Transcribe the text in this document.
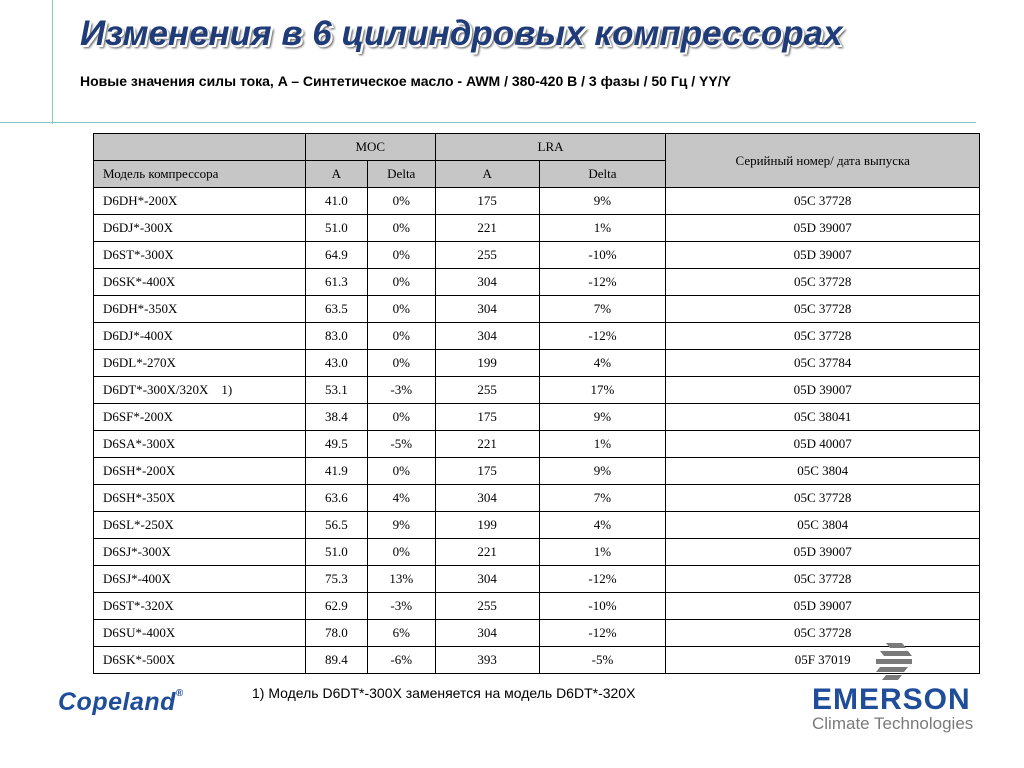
Изменения в 6 цилиндровых компрессорах
Новые значения силы тока, A – Синтетическое масло - AWM / 380-420 В / 3 фазы / 50 Гц / YY/Y
	MOC		LRA		Серийный номер/ дата выпуска
Модель компрессора	A	Delta	A	Delta	
D6DH*-200X	41.0	0%	175	9%	05C 37728
D6DJ*-300X	51.0	0%	221	1%	05D 39007
D6ST*-300X	64.9	0%	255	-10%	05D 39007
D6SK*-400X	61.3	0%	304	-12%	05C 37728
D6DH*-350X	63.5	0%	304	7%	05C 37728
D6DJ*-400X	83.0	0%	304	-12%	05C 37728
D6DL*-270X	43.0	0%	199	4%	05C 37784
D6DT*-300X/320X    1)	53.1	-3%	255	17%	05D 39007
D6SF*-200X	38.4	0%	175	9%	05C 38041
D6SA*-300X	49.5	-5%	221	1%	05D 40007
D6SH*-200X	41.9	0%	175	9%	05C 3804
D6SH*-350X	63.6	4%	304	7%	05C 37728
D6SL*-250X	56.5	9%	199	4%	05C 3804
D6SJ*-300X	51.0	0%	221	1%	05D 39007
D6SJ*-400X	75.3	13%	304	-12%	05C 37728
D6ST*-320X	62.9	-3%	255	-10%	05D 39007
D6SU*-400X	78.0	6%	304	-12%	05C 37728
D6SK*-500X	89.4	-6%	393	-5%	05F 37019
1) Модель D6DT*-300X заменяется на модель D6DT*-320X
Copeland®	EMERSON
Climate Technologies
